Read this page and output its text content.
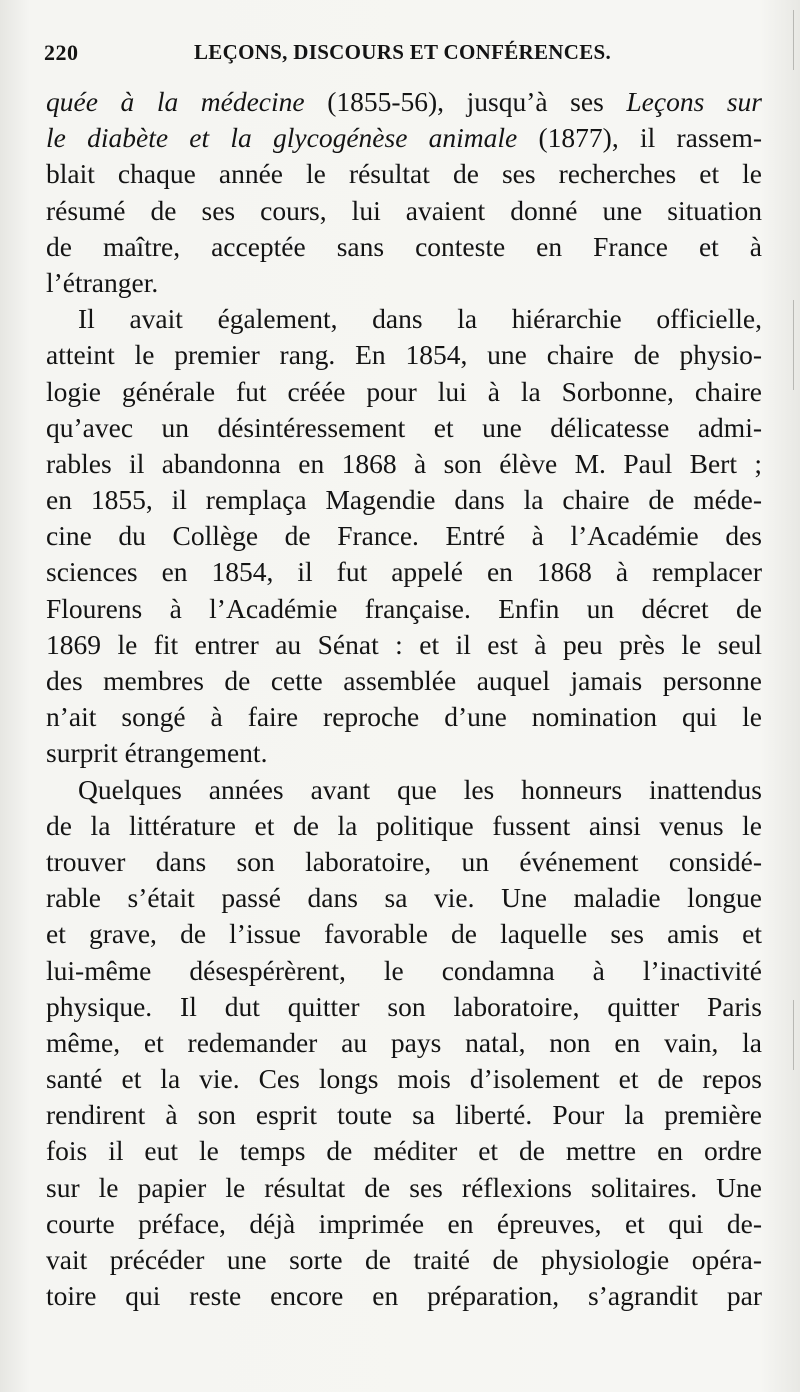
220	LEÇONS, DISCOURS ET CONFÉRENCES.
quée à la médecine (1855-56), jusqu’à ses Leçons sur
le diabète et la glycogénèse animale (1877), il rassem-
blait chaque année le résultat de ses recherches et le
résumé de ses cours, lui avaient donné une situation
de maître, acceptée sans conteste en France et à
l’étranger.
Il avait également, dans la hiérarchie officielle,
atteint le premier rang. En 1854, une chaire de physio-
logie générale fut créée pour lui à la Sorbonne, chaire
qu’avec un désintéressement et une délicatesse admi-
rables il abandonna en 1868 à son élève M. Paul Bert ;
en 1855, il remplaça Magendie dans la chaire de méde-
cine du Collège de France. Entré à l’Académie des
sciences en 1854, il fut appelé en 1868 à remplacer
Flourens à l’Académie française. Enfin un décret de
1869 le fit entrer au Sénat : et il est à peu près le seul
des membres de cette assemblée auquel jamais personne
n’ait songé à faire reproche d’une nomination qui le
surprit étrangement.
Quelques années avant que les honneurs inattendus
de la littérature et de la politique fussent ainsi venus le
trouver dans son laboratoire, un événement considé-
rable s’était passé dans sa vie. Une maladie longue
et grave, de l’issue favorable de laquelle ses amis et
lui-même désespérèrent, le condamna à l’inactivité
physique. Il dut quitter son laboratoire, quitter Paris
même, et redemander au pays natal, non en vain, la
santé et la vie. Ces longs mois d’isolement et de repos
rendirent à son esprit toute sa liberté. Pour la première
fois il eut le temps de méditer et de mettre en ordre
sur le papier le résultat de ses réflexions solitaires. Une
courte préface, déjà imprimée en épreuves, et qui de-
vait précéder une sorte de traité de physiologie opéra-
toire qui reste encore en préparation, s’agrandit par
